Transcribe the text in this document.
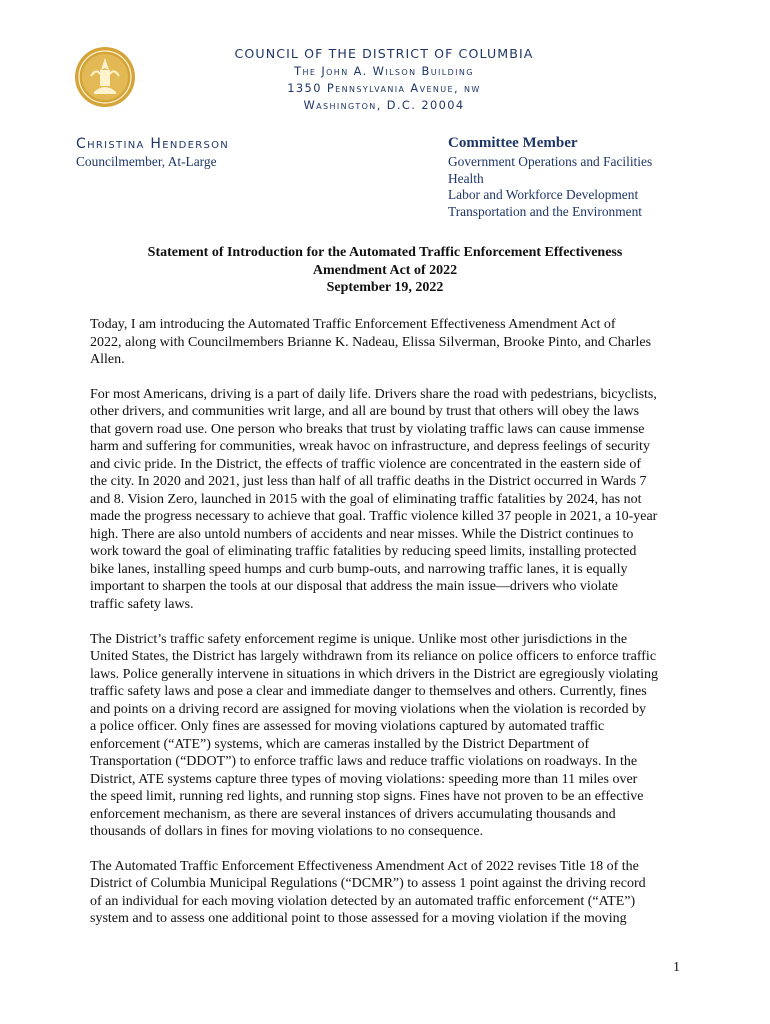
COUNCIL OF THE DISTRICT OF COLUMBIA
The John A. Wilson Building
1350 Pennsylvania Avenue, nw
Washington, D.C. 20004
Christina Henderson
Councilmember, At-Large
Committee Member
Government Operations and Facilities
Health
Labor and Workforce Development
Transportation and the Environment
Statement of Introduction for the Automated Traffic Enforcement Effectiveness
Amendment Act of 2022
September 19, 2022

Today, I am introducing the Automated Traffic Enforcement Effectiveness Amendment Act of
2022, along with Councilmembers Brianne K. Nadeau, Elissa Silverman, Brooke Pinto, and Charles
Allen.

For most Americans, driving is a part of daily life. Drivers share the road with pedestrians, bicyclists,
other drivers, and communities writ large, and all are bound by trust that others will obey the laws
that govern road use. One person who breaks that trust by violating traffic laws can cause immense
harm and suffering for communities, wreak havoc on infrastructure, and depress feelings of security
and civic pride. In the District, the effects of traffic violence are concentrated in the eastern side of
the city. In 2020 and 2021, just less than half of all traffic deaths in the District occurred in Wards 7
and 8. Vision Zero, launched in 2015 with the goal of eliminating traffic fatalities by 2024, has not
made the progress necessary to achieve that goal. Traffic violence killed 37 people in 2021, a 10-year
high. There are also untold numbers of accidents and near misses. While the District continues to
work toward the goal of eliminating traffic fatalities by reducing speed limits, installing protected
bike lanes, installing speed humps and curb bump-outs, and narrowing traffic lanes, it is equally
important to sharpen the tools at our disposal that address the main issue—drivers who violate
traffic safety laws.

The District’s traffic safety enforcement regime is unique. Unlike most other jurisdictions in the
United States, the District has largely withdrawn from its reliance on police officers to enforce traffic
laws. Police generally intervene in situations in which drivers in the District are egregiously violating
traffic safety laws and pose a clear and immediate danger to themselves and others. Currently, fines
and points on a driving record are assigned for moving violations when the violation is recorded by
a police officer. Only fines are assessed for moving violations captured by automated traffic
enforcement (“ATE”) systems, which are cameras installed by the District Department of
Transportation (“DDOT”) to enforce traffic laws and reduce traffic violations on roadways. In the
District, ATE systems capture three types of moving violations: speeding more than 11 miles over
the speed limit, running red lights, and running stop signs. Fines have not proven to be an effective
enforcement mechanism, as there are several instances of drivers accumulating thousands and
thousands of dollars in fines for moving violations to no consequence.

The Automated Traffic Enforcement Effectiveness Amendment Act of 2022 revises Title 18 of the
District of Columbia Municipal Regulations (“DCMR”) to assess 1 point against the driving record
of an individual for each moving violation detected by an automated traffic enforcement (“ATE”)
system and to assess one additional point to those assessed for a moving violation if the moving

1
